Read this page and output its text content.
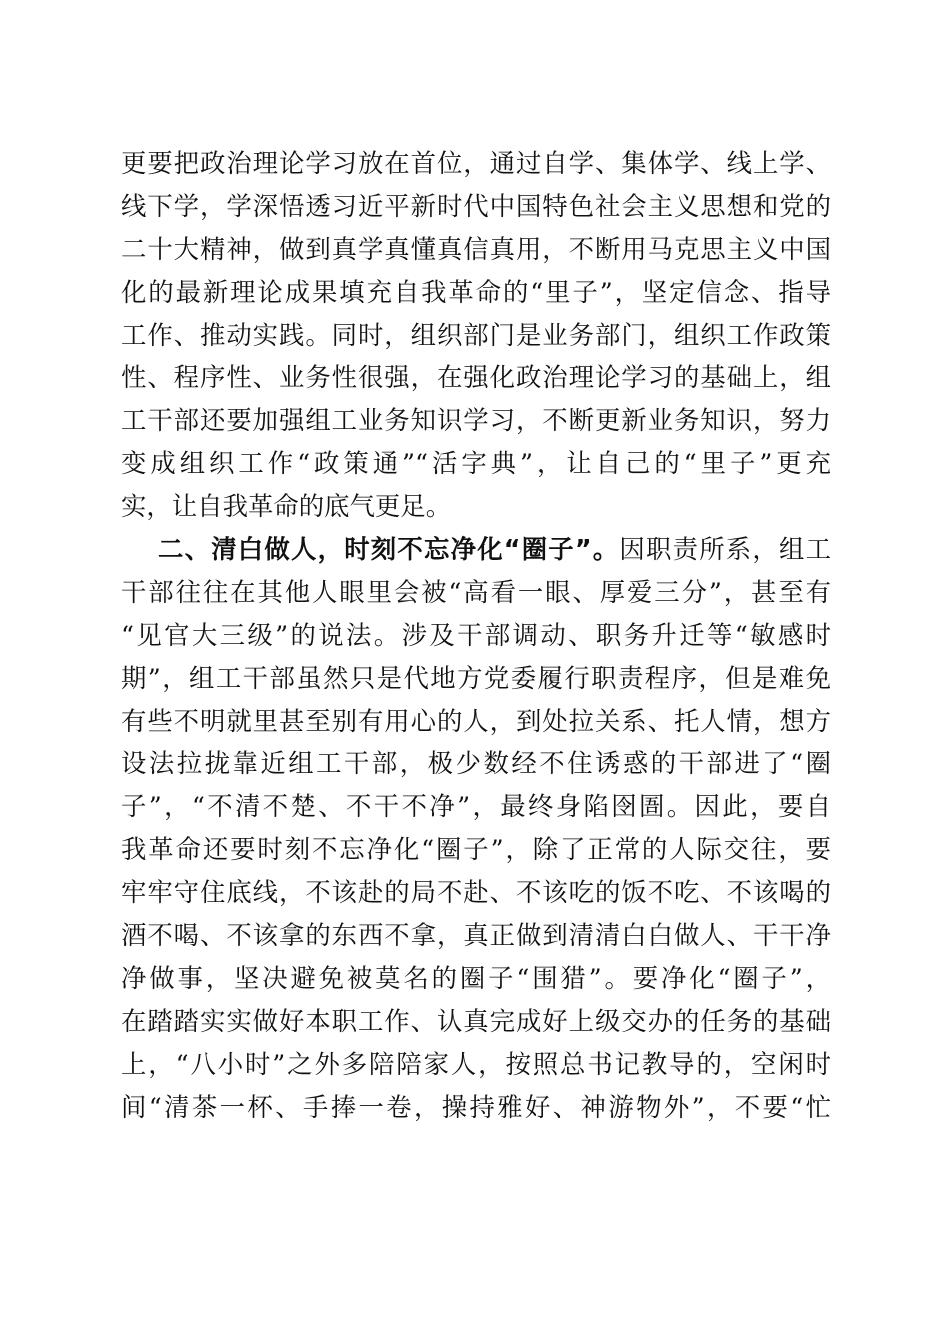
更要把政治理论学习放在首位，通过自学、集体学、线上学、
线下学，学深悟透习近平新时代中国特色社会主义思想和党的
二十大精神，做到真学真懂真信真用，不断用马克思主义中国
化的最新理论成果填充自我革命的“里子”，坚定信念、指导
工作、推动实践。同时，组织部门是业务部门，组织工作政策
性、程序性、业务性很强，在强化政治理论学习的基础上，组
工干部还要加强组工业务知识学习，不断更新业务知识，努力
变成组织工作“政策通”“活字典”，让自己的“里子”更充
实，让自我革命的底气更足。
二、清白做人，时刻不忘净化“圈子”。因职责所系，组工
干部往往在其他人眼里会被“高看一眼、厚爱三分”，甚至有
“见官大三级”的说法。涉及干部调动、职务升迁等“敏感时
期”，组工干部虽然只是代地方党委履行职责程序，但是难免
有些不明就里甚至别有用心的人，到处拉关系、托人情，想方
设法拉拢靠近组工干部，极少数经不住诱惑的干部进了“圈
子”，“不清不楚、不干不净”，最终身陷囹圄。因此，要自
我革命还要时刻不忘净化“圈子”，除了正常的人际交往，要
牢牢守住底线，不该赴的局不赴、不该吃的饭不吃、不该喝的
酒不喝、不该拿的东西不拿，真正做到清清白白做人、干干净
净做事，坚决避免被莫名的圈子“围猎”。要净化“圈子”，
在踏踏实实做好本职工作、认真完成好上级交办的任务的基础
上，“八小时”之外多陪陪家人，按照总书记教导的，空闲时
间“清茶一杯、手捧一卷，操持雅好、神游物外”，不要“忙
